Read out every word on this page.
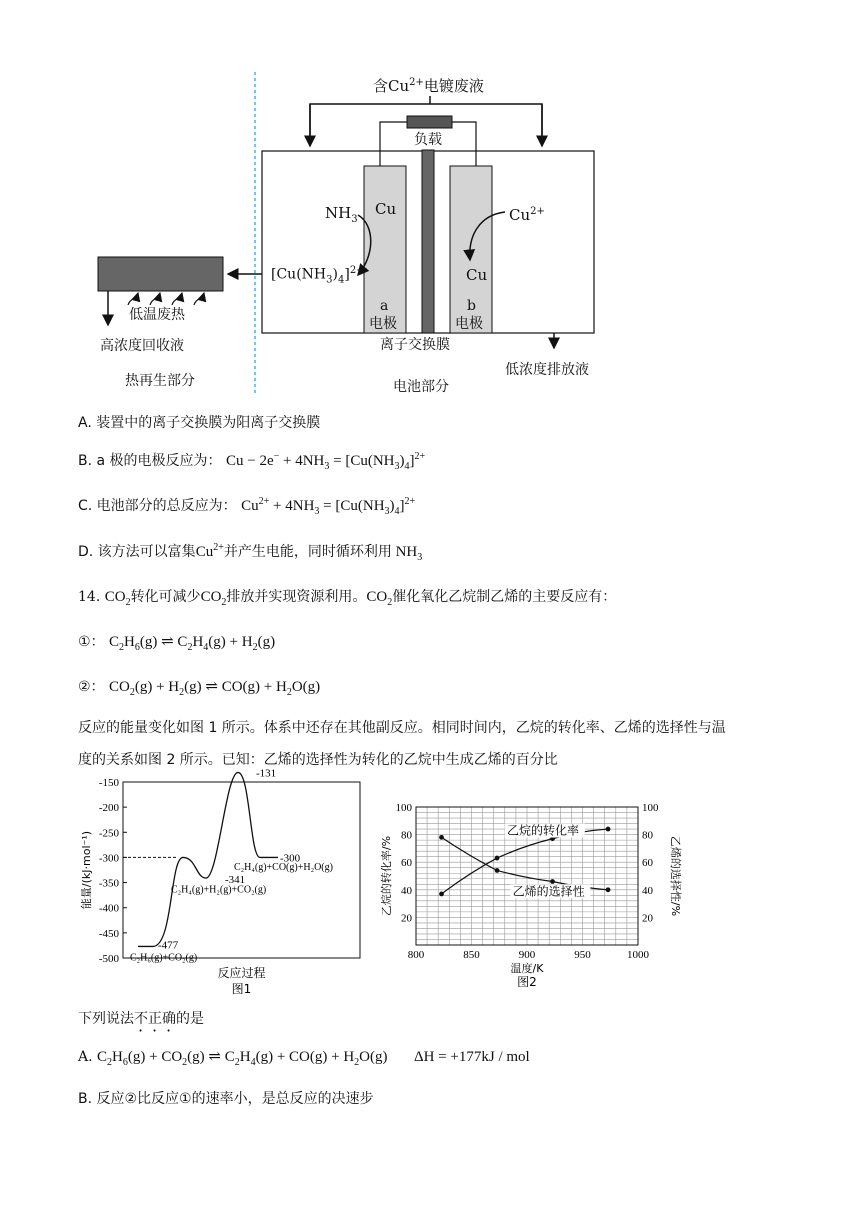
含$Cu^{2+}$电镀废液
负载
$NH_3$
Cu	$Cu^{2+}$
Cu
$[Cu(NH_3)_4]^{2+}$
a
电极
b
电极
离子交换膜
低温废热
高浓度回收液
热再生部分	电池部分
低浓度排放液
A. 装置中的离子交换膜为阳离子交换膜
B. a 极的电极反应为： $Cu - 2e^- + 4NH_3 = [Cu(NH_3)_4]^{2+}$
C. 电池部分的总反应为： $Cu^{2+} + 4NH_3 = [Cu(NH_3)_4]^{2+}$
D. 该方法可以富集$Cu^{2+}$并产生电能，同时循环利用 $NH_3$
14. $CO_2$转化可减少$CO_2$排放并实现资源利用。$CO_2$催化氧化乙烷制乙烯的主要反应有：
①： $C_2H_6(g)$ ⇌ $C_2H_4(g) + H_2(g)$
②： $CO_2(g) + H_2(g)$ ⇌ $CO(g) + H_2O(g)$
反应的能量变化如图 1 所示。体系中还存在其他副反应。相同时间内，乙烷的转化率、乙烯的选择性与温
度的关系如图 2 所示。已知：乙烯的选择性为转化的乙烷中生成乙烯的百分比
-150
-200
-250
-300
-350
-400
-450
-500
能量/(kJ·mol⁻¹)
反应过程
图1
-477
-341
-131
-300
C₂H₆(g)+CO₂(g)
C₂H₄(g)+H₂(g)+CO₂(g)
C₂H₄(g)+CO(g)+H₂O(g)
800	850	900	950	1000
20	20
40	40
60	60
80	80
100	100
乙烷的转化率/%	乙烯的选择性/%
温度/K
图2
乙烷的转化率
乙烯的选择性
下列说法不正确的是
A. $C_2H_6(g) + CO_2(g)$ ⇌ $C_2H_4(g) + CO(g) + H_2O(g) \Delta H = +177kJ$ / mol
B. 反应②比反应①的速率小，是总反应的决速步
